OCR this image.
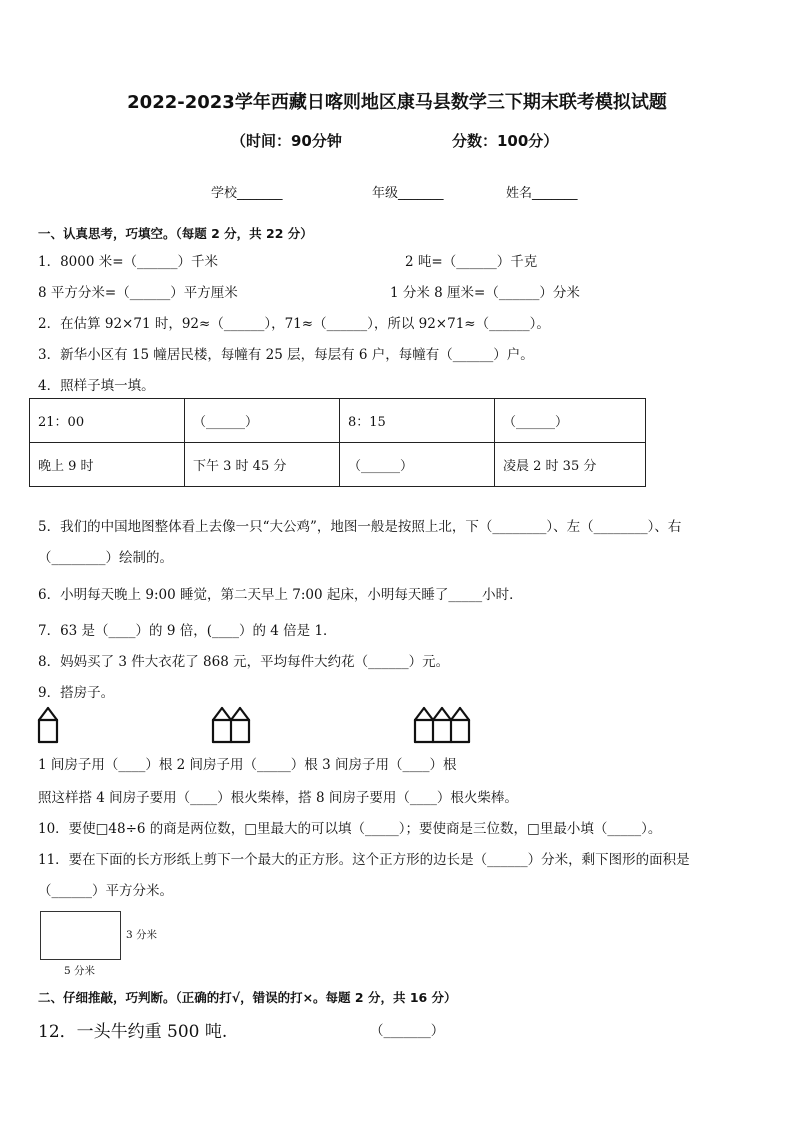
2022-2023学年西藏日喀则地区康马县数学三下期末联考模拟试题
（时间：90分钟	分数：100分）
学校_______	年级_______	姓名_______
一、认真思考，巧填空。（每题 2 分，共 22 分）
1．8000 米=（______）千米	2 吨=（______）千克
8 平方分米=（______）平方厘米	1 分米 8 厘米=（______）分米
2．在估算 92×71 时，92≈（______），71≈（______），所以 92×71≈（______）。
3．新华小区有 15 幢居民楼，每幢有 25 层，每层有 6 户，每幢有（______）户。
4．照样子填一填。
21：00	（______）	8：15	（______）
晚上 9 时	下午 3 时 45 分	（______）	凌晨 2 时 35 分
5．我们的中国地图整体看上去像一只“大公鸡”，地图一般是按照上北，下（________）、左（________）、右
（________）绘制的。
6．小明每天晚上 9:00 睡觉，第二天早上 7:00 起床，小明每天睡了_____小时．
7．63 是（____）的 9 倍，(____）的 4 倍是 1．
8．妈妈买了 3 件大衣花了 868 元，平均每件大约花（______）元。
9．搭房子。
1 间房子用（____）根 2 间房子用（_____）根 3 间房子用（____）根
照这样搭 4 间房子要用（____）根火柴棒，搭 8 间房子要用（____）根火柴棒。
10．要使□48÷6 的商是两位数，□里最大的可以填（_____）；要使商是三位数，□里最小填（_____）。
11．要在下面的长方形纸上剪下一个最大的正方形。这个正方形的边长是（______）分米，剩下图形的面积是
（______）平方分米。
3 分米
5 分米
二、仔细推敲，巧判断。（正确的打√，错误的打×。每题 2 分，共 16 分）
12．一头牛约重 500 吨.	（_______）
